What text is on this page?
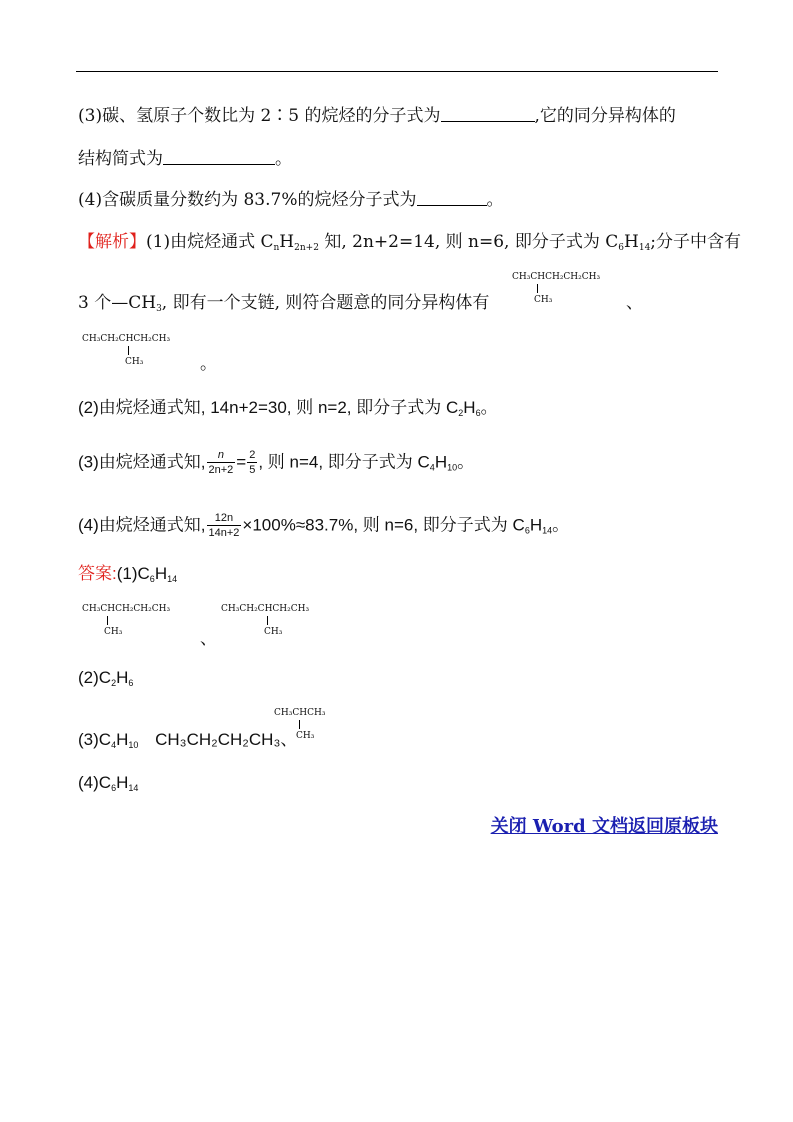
(3)碳、氢原子个数比为 2∶5 的烷烃的分子式为	,它的同分异构体的
结构简式为	。
(4)含碳质量分数约为 83.7%的烷烃分子式为	。
【解析】(1)由烷烃通式 $C_nH_{2n+2}$ 知, 2n+2=14, 则 n=6, 即分子式为 $C_6H_{14}$;分子中含有
3 个$—CH_3$, 即有一个支链, 则符合题意的同分异构体有	、
CH₃CHCH₂CH₂CH₃
CH₃
CH₃CH₂CHCH₂CH₃
CH₃	。
(2)由烷烃通式知, 14n+2=30, 则 n=2, 即分子式为 $C_2H_6$。
(3)由烷烃通式知, $\frac{n}{2n+2} = \frac{2}{5}$ , 则 n=4, 即分子式为 $C_4H_{10}$。
(4)由烷烃通式知, $\frac{12n}{14n+2} \times 100\%\approx 83.7\%$, 则 n=6, 即分子式为 $C_6H_{14}$。
答案$:(1)C_6H_{14}$
CH₃CHCH₂CH₂CH₃
CH₃	、
CH₃CH₂CHCH₂CH₃
CH₃
$(2)C_2H_6$
$(3)C_4H_{10}$ CH₃CH₂CH₂CH₃、
CH₃CHCH₃
CH₃
$(4)C_6H_{14}$
关闭 Word 文档返回原板块
